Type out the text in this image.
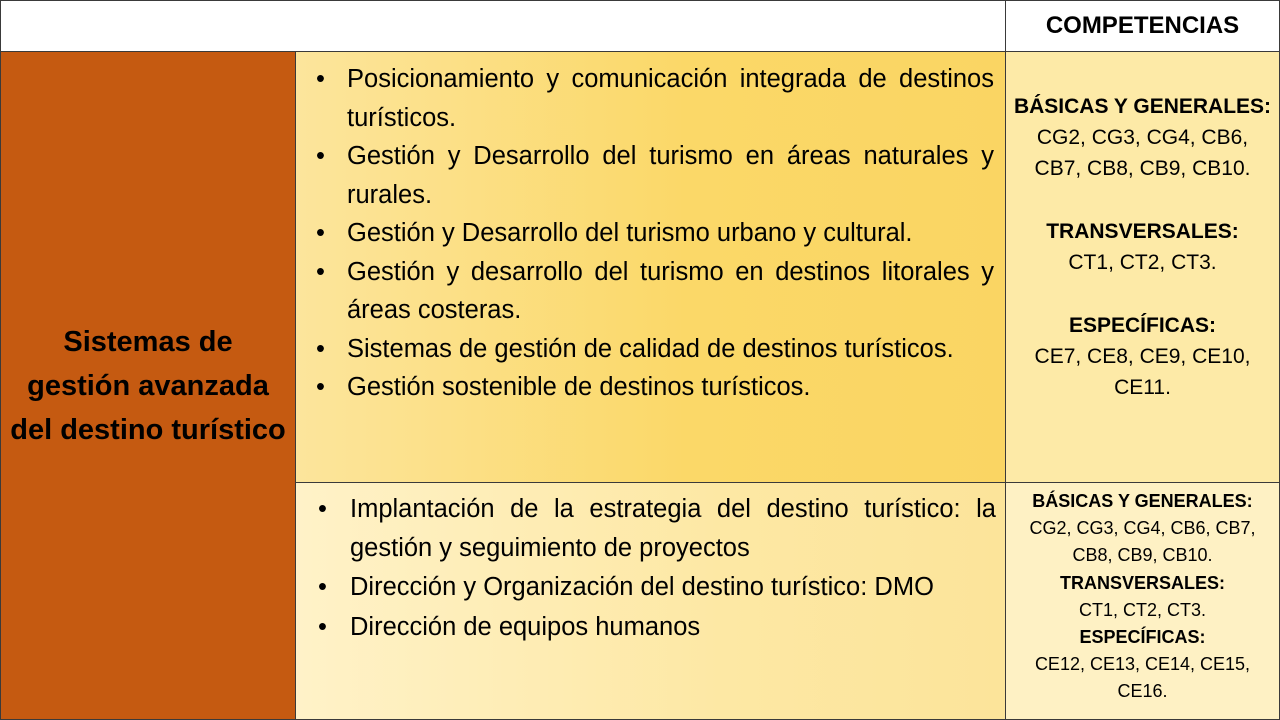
COMPETENCIAS
Sistemas de gestión avanzada del destino turístico
• Posicionamiento y comunicación integrada de destinos turísticos.
• Gestión y Desarrollo del turismo en áreas naturales y rurales.
• Gestión y Desarrollo del turismo urbano y cultural.
• Gestión y desarrollo del turismo en destinos litorales y áreas costeras.
• Sistemas de gestión de calidad de destinos turísticos.
• Gestión sostenible de destinos turísticos.
BÁSICAS Y GENERALES:
CG2, CG3, CG4, CB6,
CB7, CB8, CB9, CB10.
TRANSVERSALES:
CT1, CT2, CT3.
ESPECÍFICAS:
CE7, CE8, CE9, CE10,
CE11.
• Implantación de la estrategia del destino turístico: la gestión y seguimiento de proyectos
• Dirección y Organización del destino turístico: DMO
• Dirección de equipos humanos
BÁSICAS Y GENERALES:
CG2, CG3, CG4, CB6, CB7,
CB8, CB9, CB10.
TRANSVERSALES:
CT1, CT2, CT3.
ESPECÍFICAS:
CE12, CE13, CE14, CE15,
CE16.
